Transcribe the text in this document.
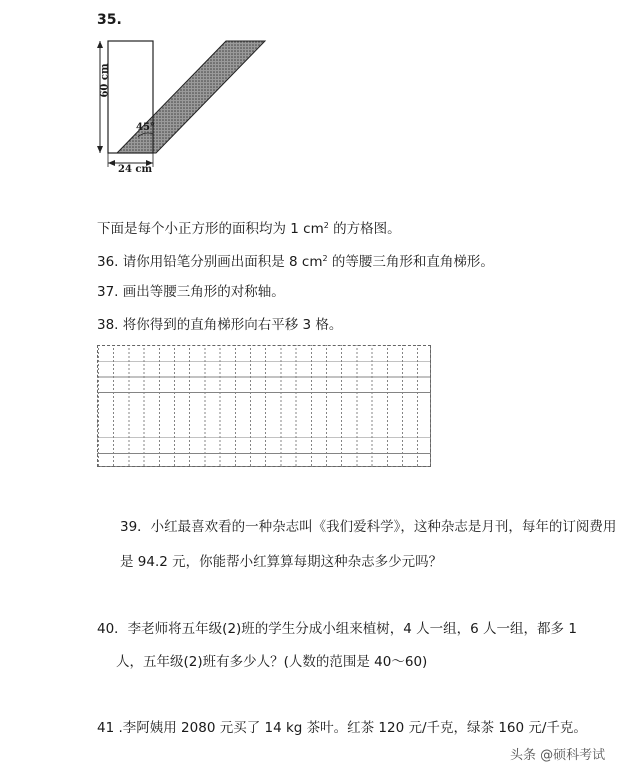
35.
60 cm
45°
24 cm
下面是每个小正方形的面积均为 1 $cm^2$ 的方格图。
36. 请你用铅笔分别画出面积是 8 $cm^2$ 的等腰三角形和直角梯形。
37. 画出等腰三角形的对称轴。
38. 将你得到的直角梯形向右平移 3 格。
39．小红最喜欢看的一种杂志叫《我们爱科学》，这种杂志是月刊，每年的订阅费用
是 94.2 元，你能帮小红算算每期这种杂志多少元吗？
40．李老师将五年级(2)班的学生分成小组来植树，4 人一组，6 人一组，都多 1
人，五年级(2)班有多少人？(人数的范围是 40～60)
41 .李阿姨用 2080 元买了 14 kg 茶叶。红茶 120 元/千克，绿茶 160 元/千克。
头条 @硕科考试
